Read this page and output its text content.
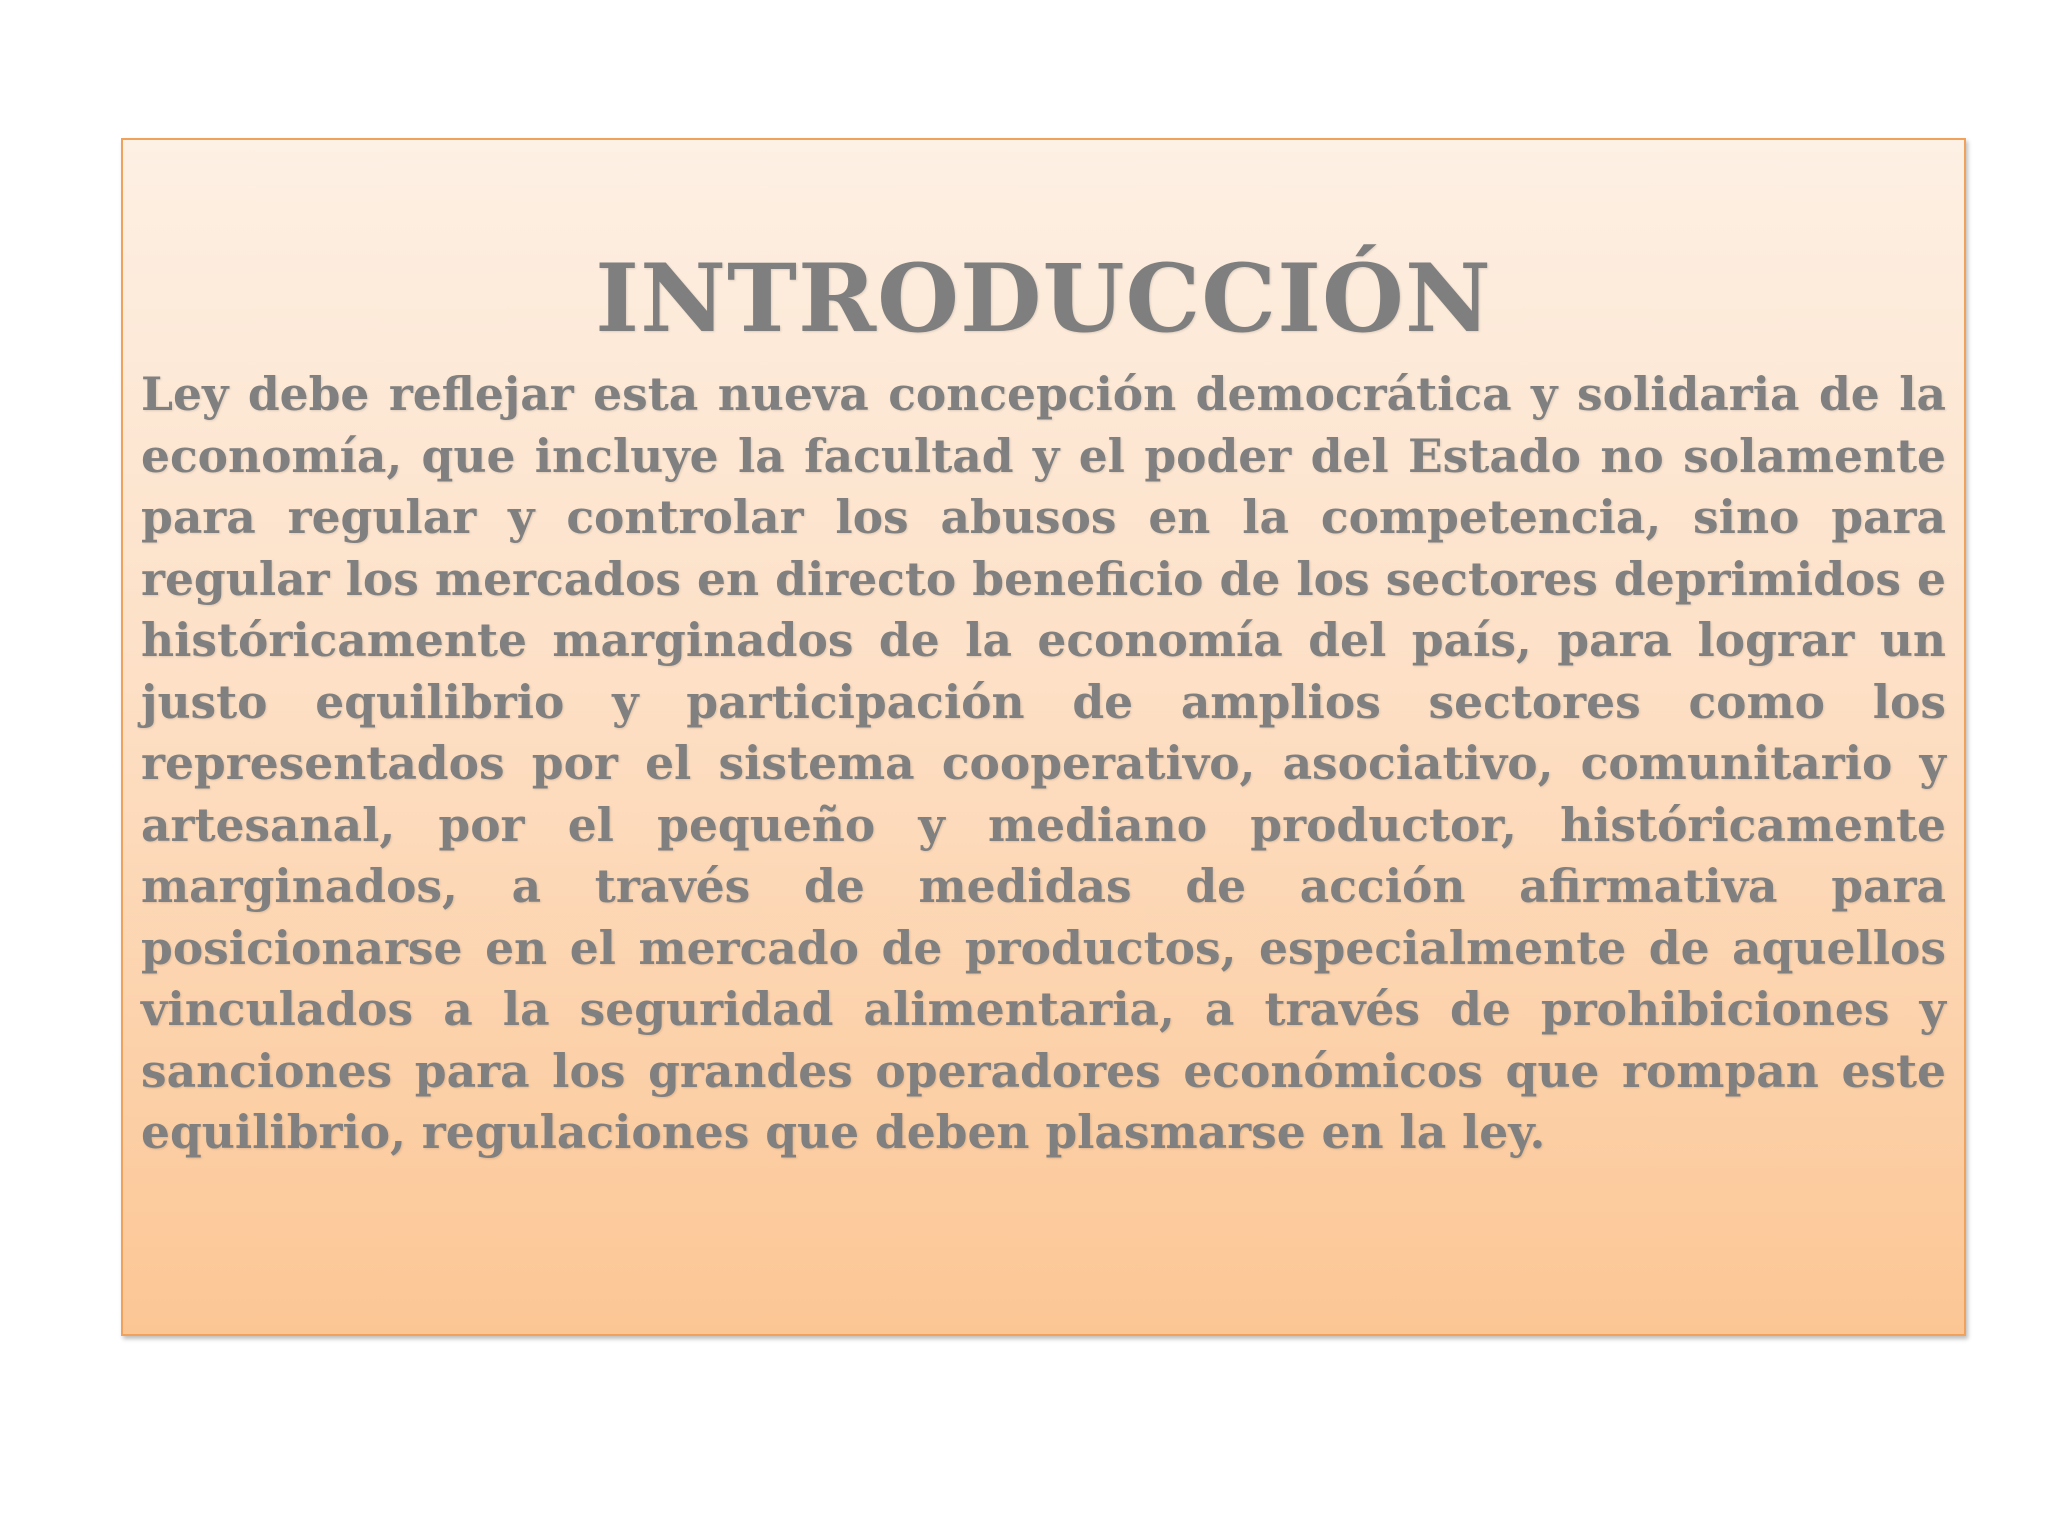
INTRODUCCIÓN

Ley debe reflejar esta nueva concepción democrática y solidaria de la economía, que incluye la facultad y el poder del Estado no solamente para regular y controlar los abusos en la competencia, sino para regular los mercados en directo beneficio de los sectores deprimidos e históricamente marginados de la economía del país, para lograr un justo equilibrio y participación de amplios sectores como los representados por el sistema cooperativo, asociativo, comunitario y artesanal, por el pequeño y mediano productor, históricamente marginados, a través de medidas de acción afirmativa para posicionarse en el mercado de productos, especialmente de aquellos vinculados a la seguridad alimentaria, a través de prohibiciones y sanciones para los grandes operadores económicos que rompan este equilibrio, regulaciones que deben plasmarse en la ley.
